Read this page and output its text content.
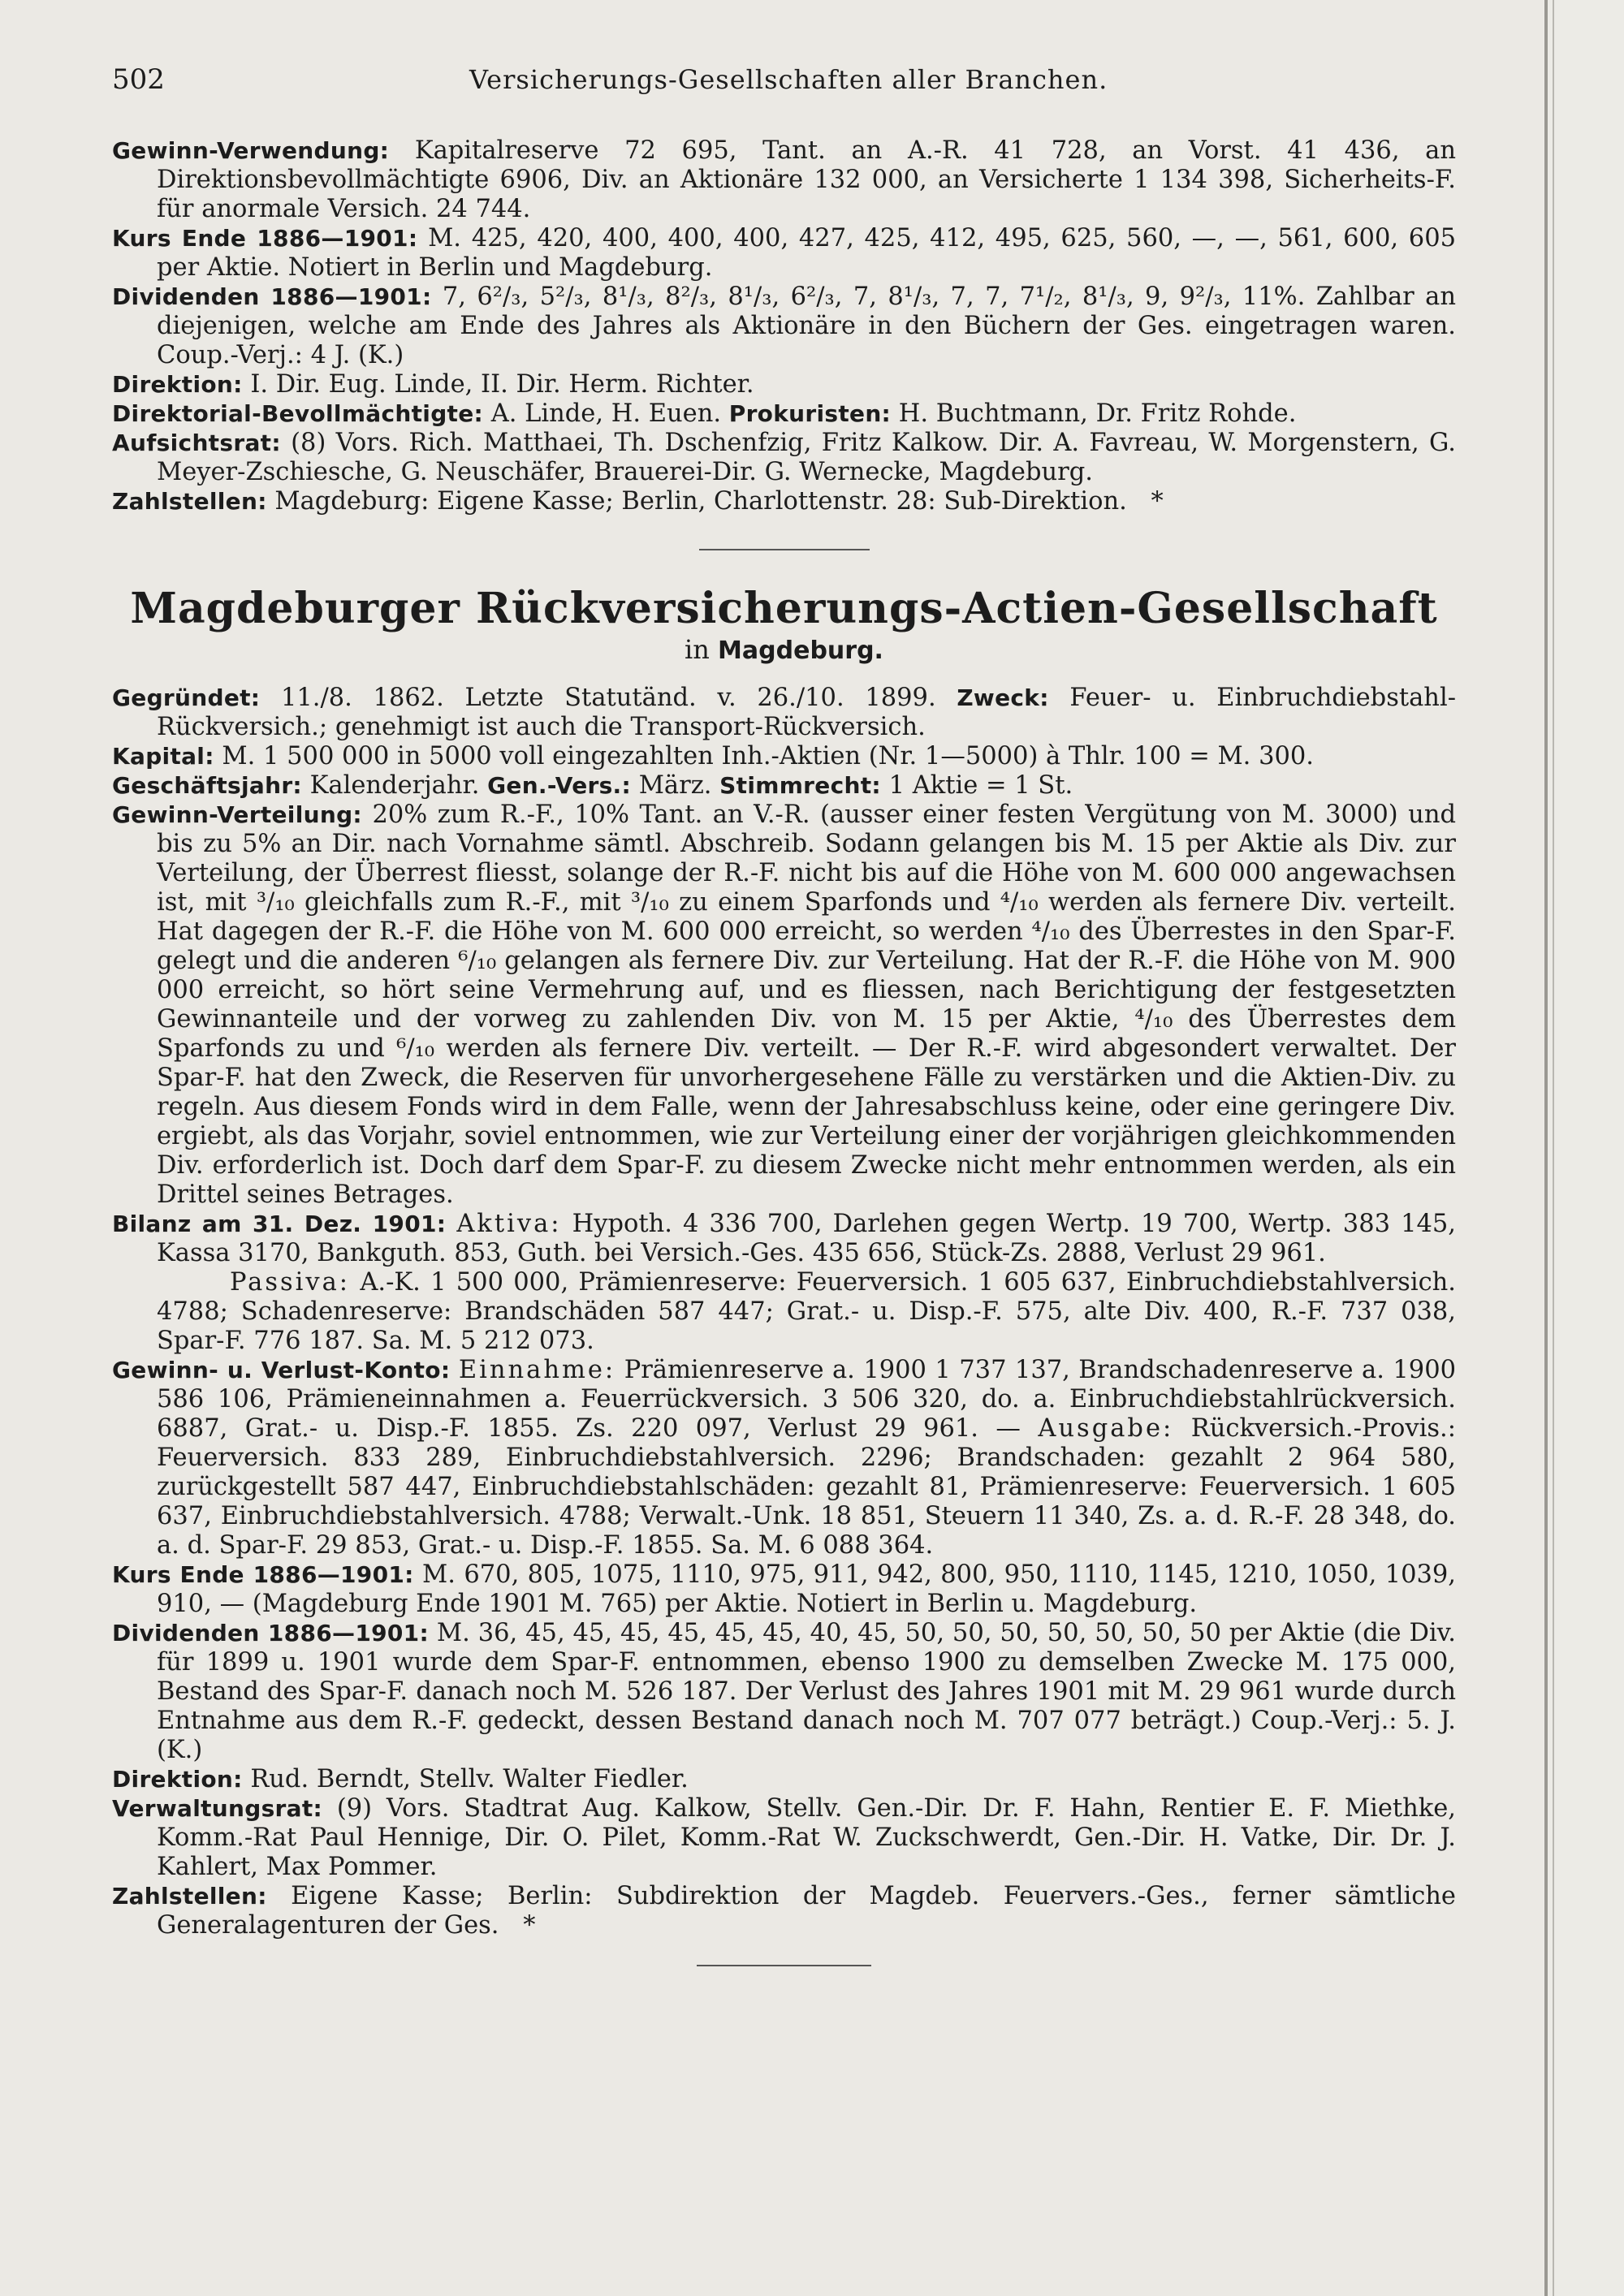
502	Versicherungs-Gesellschaften aller Branchen.

Gewinn-Verwendung: Kapitalreserve 72 695, Tant. an A.-R. 41 728, an Vorst. 41 436, an Direktionsbevollmächtigte 6906, Div. an Aktionäre 132 000, an Versicherte 1 134 398, Sicherheits-F. für anormale Versich. 24 744.

Kurs Ende 1886—1901: M. 425, 420, 400, 400, 400, 427, 425, 412, 495, 625, 560, —, —, 561, 600, 605 per Aktie. Notiert in Berlin und Magdeburg.

Dividenden 1886—1901: 7, 6²/₃, 5²/₃, 8¹/₃, 8²/₃, 8¹/₃, 6²/₃, 7, 8¹/₃, 7, 7, 7¹/₂, 8¹/₃, 9, 9²/₃, 11%. Zahlbar an diejenigen, welche am Ende des Jahres als Aktionäre in den Büchern der Ges. eingetragen waren. Coup.-Verj.: 4 J. (K.)

Direktion: I. Dir. Eug. Linde, II. Dir. Herm. Richter.

Direktorial-Bevollmächtigte: A. Linde, H. Euen. Prokuristen: H. Buchtmann, Dr. Fritz Rohde.

Aufsichtsrat: (8) Vors. Rich. Matthaei, Th. Dschenfzig, Fritz Kalkow. Dir. A. Favreau, W. Morgenstern, G. Meyer-Zschiesche, G. Neuschäfer, Brauerei-Dir. G. Wernecke, Magdeburg.

Zahlstellen: Magdeburg: Eigene Kasse; Berlin, Charlottenstr. 28: Sub-Direktion. *

Magdeburger Rückversicherungs-Actien-Gesellschaft

in Magdeburg.

Gegründet: 11./8. 1862. Letzte Statutänd. v. 26./10. 1899. Zweck: Feuer- u. Einbruchdiebstahl-Rückversich.; genehmigt ist auch die Transport-Rückversich.

Kapital: M. 1 500 000 in 5000 voll eingezahlten Inh.-Aktien (Nr. 1—5000) à Thlr. 100 = M. 300.

Geschäftsjahr: Kalenderjahr. Gen.-Vers.: März. Stimmrecht: 1 Aktie = 1 St.

Gewinn-Verteilung: 20% zum R.-F., 10% Tant. an V.-R. (ausser einer festen Vergütung von M. 3000) und bis zu 5% an Dir. nach Vornahme sämtl. Abschreib. Sodann gelangen bis M. 15 per Aktie als Div. zur Verteilung, der Überrest fliesst, solange der R.-F. nicht bis auf die Höhe von M. 600 000 angewachsen ist, mit ³/₁₀ gleichfalls zum R.-F., mit ³/₁₀ zu einem Sparfonds und ⁴/₁₀ werden als fernere Div. verteilt. Hat dagegen der R.-F. die Höhe von M. 600 000 erreicht, so werden ⁴/₁₀ des Überrestes in den Spar-F. gelegt und die anderen ⁶/₁₀ gelangen als fernere Div. zur Verteilung. Hat der R.-F. die Höhe von M. 900 000 erreicht, so hört seine Vermehrung auf, und es fliessen, nach Berichtigung der festgesetzten Gewinnanteile und der vorweg zu zahlenden Div. von M. 15 per Aktie, ⁴/₁₀ des Überrestes dem Sparfonds zu und ⁶/₁₀ werden als fernere Div. verteilt. — Der R.-F. wird abgesondert verwaltet. Der Spar-F. hat den Zweck, die Reserven für unvorhergesehene Fälle zu verstärken und die Aktien-Div. zu regeln. Aus diesem Fonds wird in dem Falle, wenn der Jahresabschluss keine, oder eine geringere Div. ergiebt, als das Vorjahr, soviel entnommen, wie zur Verteilung einer der vorjährigen gleichkommenden Div. erforderlich ist. Doch darf dem Spar-F. zu diesem Zwecke nicht mehr entnommen werden, als ein Drittel seines Betrages.

Bilanz am 31. Dez. 1901: Aktiva: Hypoth. 4 336 700, Darlehen gegen Wertp. 19 700, Wertp. 383 145, Kassa 3170, Bankguth. 853, Guth. bei Versich.-Ges. 435 656, Stück-Zs. 2888, Verlust 29 961.

Passiva: A.-K. 1 500 000, Prämienreserve: Feuerversich. 1 605 637, Einbruchdiebstahlversich. 4788; Schadenreserve: Brandschäden 587 447; Grat.- u. Disp.-F. 575, alte Div. 400, R.-F. 737 038, Spar-F. 776 187. Sa. M. 5 212 073.

Gewinn- u. Verlust-Konto: Einnahme: Prämienreserve a. 1900 1 737 137, Brandschadenreserve a. 1900 586 106, Prämieneinnahmen a. Feuerrückversich. 3 506 320, do. a. Einbruchdiebstahlrückversich. 6887, Grat.- u. Disp.-F. 1855. Zs. 220 097, Verlust 29 961. — Ausgabe: Rückversich.-Provis.: Feuerversich. 833 289, Einbruchdiebstahlversich. 2296; Brandschaden: gezahlt 2 964 580, zurückgestellt 587 447, Einbruchdiebstahlschäden: gezahlt 81, Prämienreserve: Feuerversich. 1 605 637, Einbruchdiebstahlversich. 4788; Verwalt.-Unk. 18 851, Steuern 11 340, Zs. a. d. R.-F. 28 348, do. a. d. Spar-F. 29 853, Grat.- u. Disp.-F. 1855. Sa. M. 6 088 364.

Kurs Ende 1886—1901: M. 670, 805, 1075, 1110, 975, 911, 942, 800, 950, 1110, 1145, 1210, 1050, 1039, 910, — (Magdeburg Ende 1901 M. 765) per Aktie. Notiert in Berlin u. Magdeburg.

Dividenden 1886—1901: M. 36, 45, 45, 45, 45, 45, 45, 40, 45, 50, 50, 50, 50, 50, 50, 50 per Aktie (die Div. für 1899 u. 1901 wurde dem Spar-F. entnommen, ebenso 1900 zu demselben Zwecke M. 175 000, Bestand des Spar-F. danach noch M. 526 187. Der Verlust des Jahres 1901 mit M. 29 961 wurde durch Entnahme aus dem R.-F. gedeckt, dessen Bestand danach noch M. 707 077 beträgt.) Coup.-Verj.: 5. J. (K.)

Direktion: Rud. Berndt, Stellv. Walter Fiedler.

Verwaltungsrat: (9) Vors. Stadtrat Aug. Kalkow, Stellv. Gen.-Dir. Dr. F. Hahn, Rentier E. F. Miethke, Komm.-Rat Paul Hennige, Dir. O. Pilet, Komm.-Rat W. Zuckschwerdt, Gen.-Dir. H. Vatke, Dir. Dr. J. Kahlert, Max Pommer.

Zahlstellen: Eigene Kasse; Berlin: Subdirektion der Magdeb. Feuervers.-Ges., ferner sämtliche Generalagenturen der Ges. *
